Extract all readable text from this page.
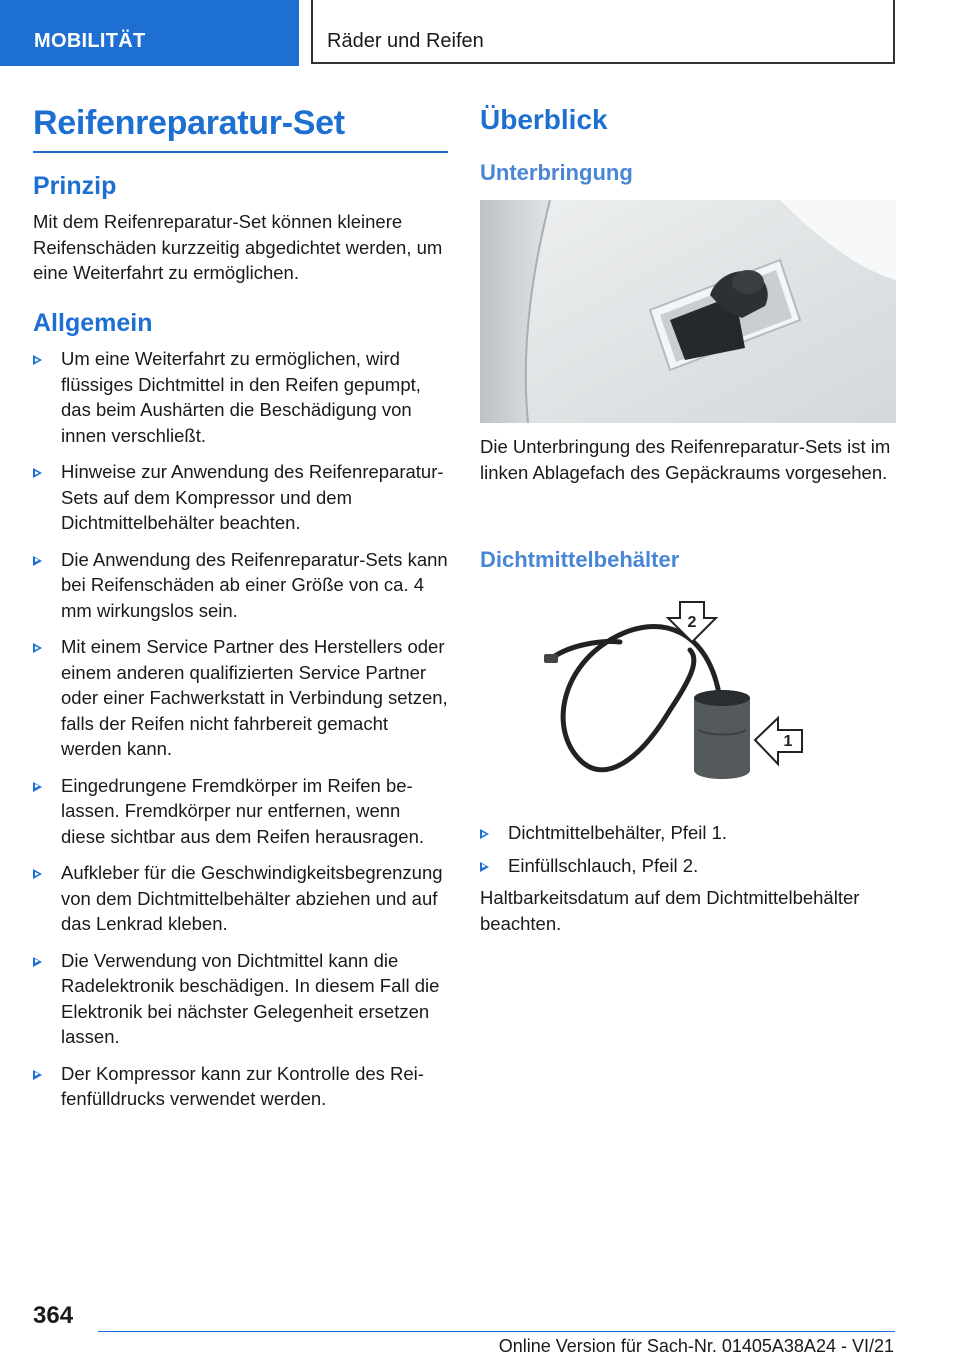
MOBILITÄT	Räder und Reifen
Reifenreparatur-Set
Prinzip

Mit dem Reifenreparatur-Set können kleinere Reifenschäden kurzzeitig abgedichtet werden, um eine Weiterfahrt zu ermöglichen.

Allgemein
Um eine Weiterfahrt zu ermöglichen, wird flüssiges Dichtmittel in den Reifen gepumpt, das beim Aushärten die Beschädigung von innen verschließt.
Hinweise zur Anwendung des Reifenreparatur-Sets auf dem Kompressor und dem Dichtmittelbehälter beachten.
Die Anwendung des Reifenreparatur-Sets kann bei Reifenschäden ab einer Größe von ca. 4 mm wirkungslos sein.
Mit einem Service Partner des Herstellers oder einem anderen qualifizierten Service Partner oder einer Fachwerkstatt in Verbindung setzen, falls der Reifen nicht fahrbereit gemacht werden kann.
Eingedrungene Fremdkörper im Reifen belassen. Fremdkörper nur entfernen, wenn diese sichtbar aus dem Reifen herausragen.
Aufkleber für die Geschwindigkeitsbegrenzung von dem Dichtmittelbehälter abziehen und auf das Lenkrad kleben.
Die Verwendung von Dichtmittel kann die Radelektronik beschädigen. In diesem Fall die Elektronik bei nächster Gelegenheit ersetzen lassen.
Der Kompressor kann zur Kontrolle des Reifenfülldrucks verwendet werden.
Überblick
Unterbringung

Die Unterbringung des Reifenreparatur-Sets ist im linken Ablagefach des Gepäckraums vorgesehen.

Dichtmittelbehälter
2
1
Dichtmittelbehälter, Pfeil 1.
Einfüllschlauch, Pfeil 2.

Haltbarkeitsdatum auf dem Dichtmittelbehälter beachten.

364
Online Version für Sach-Nr. 01405A38A24 - VI/21
